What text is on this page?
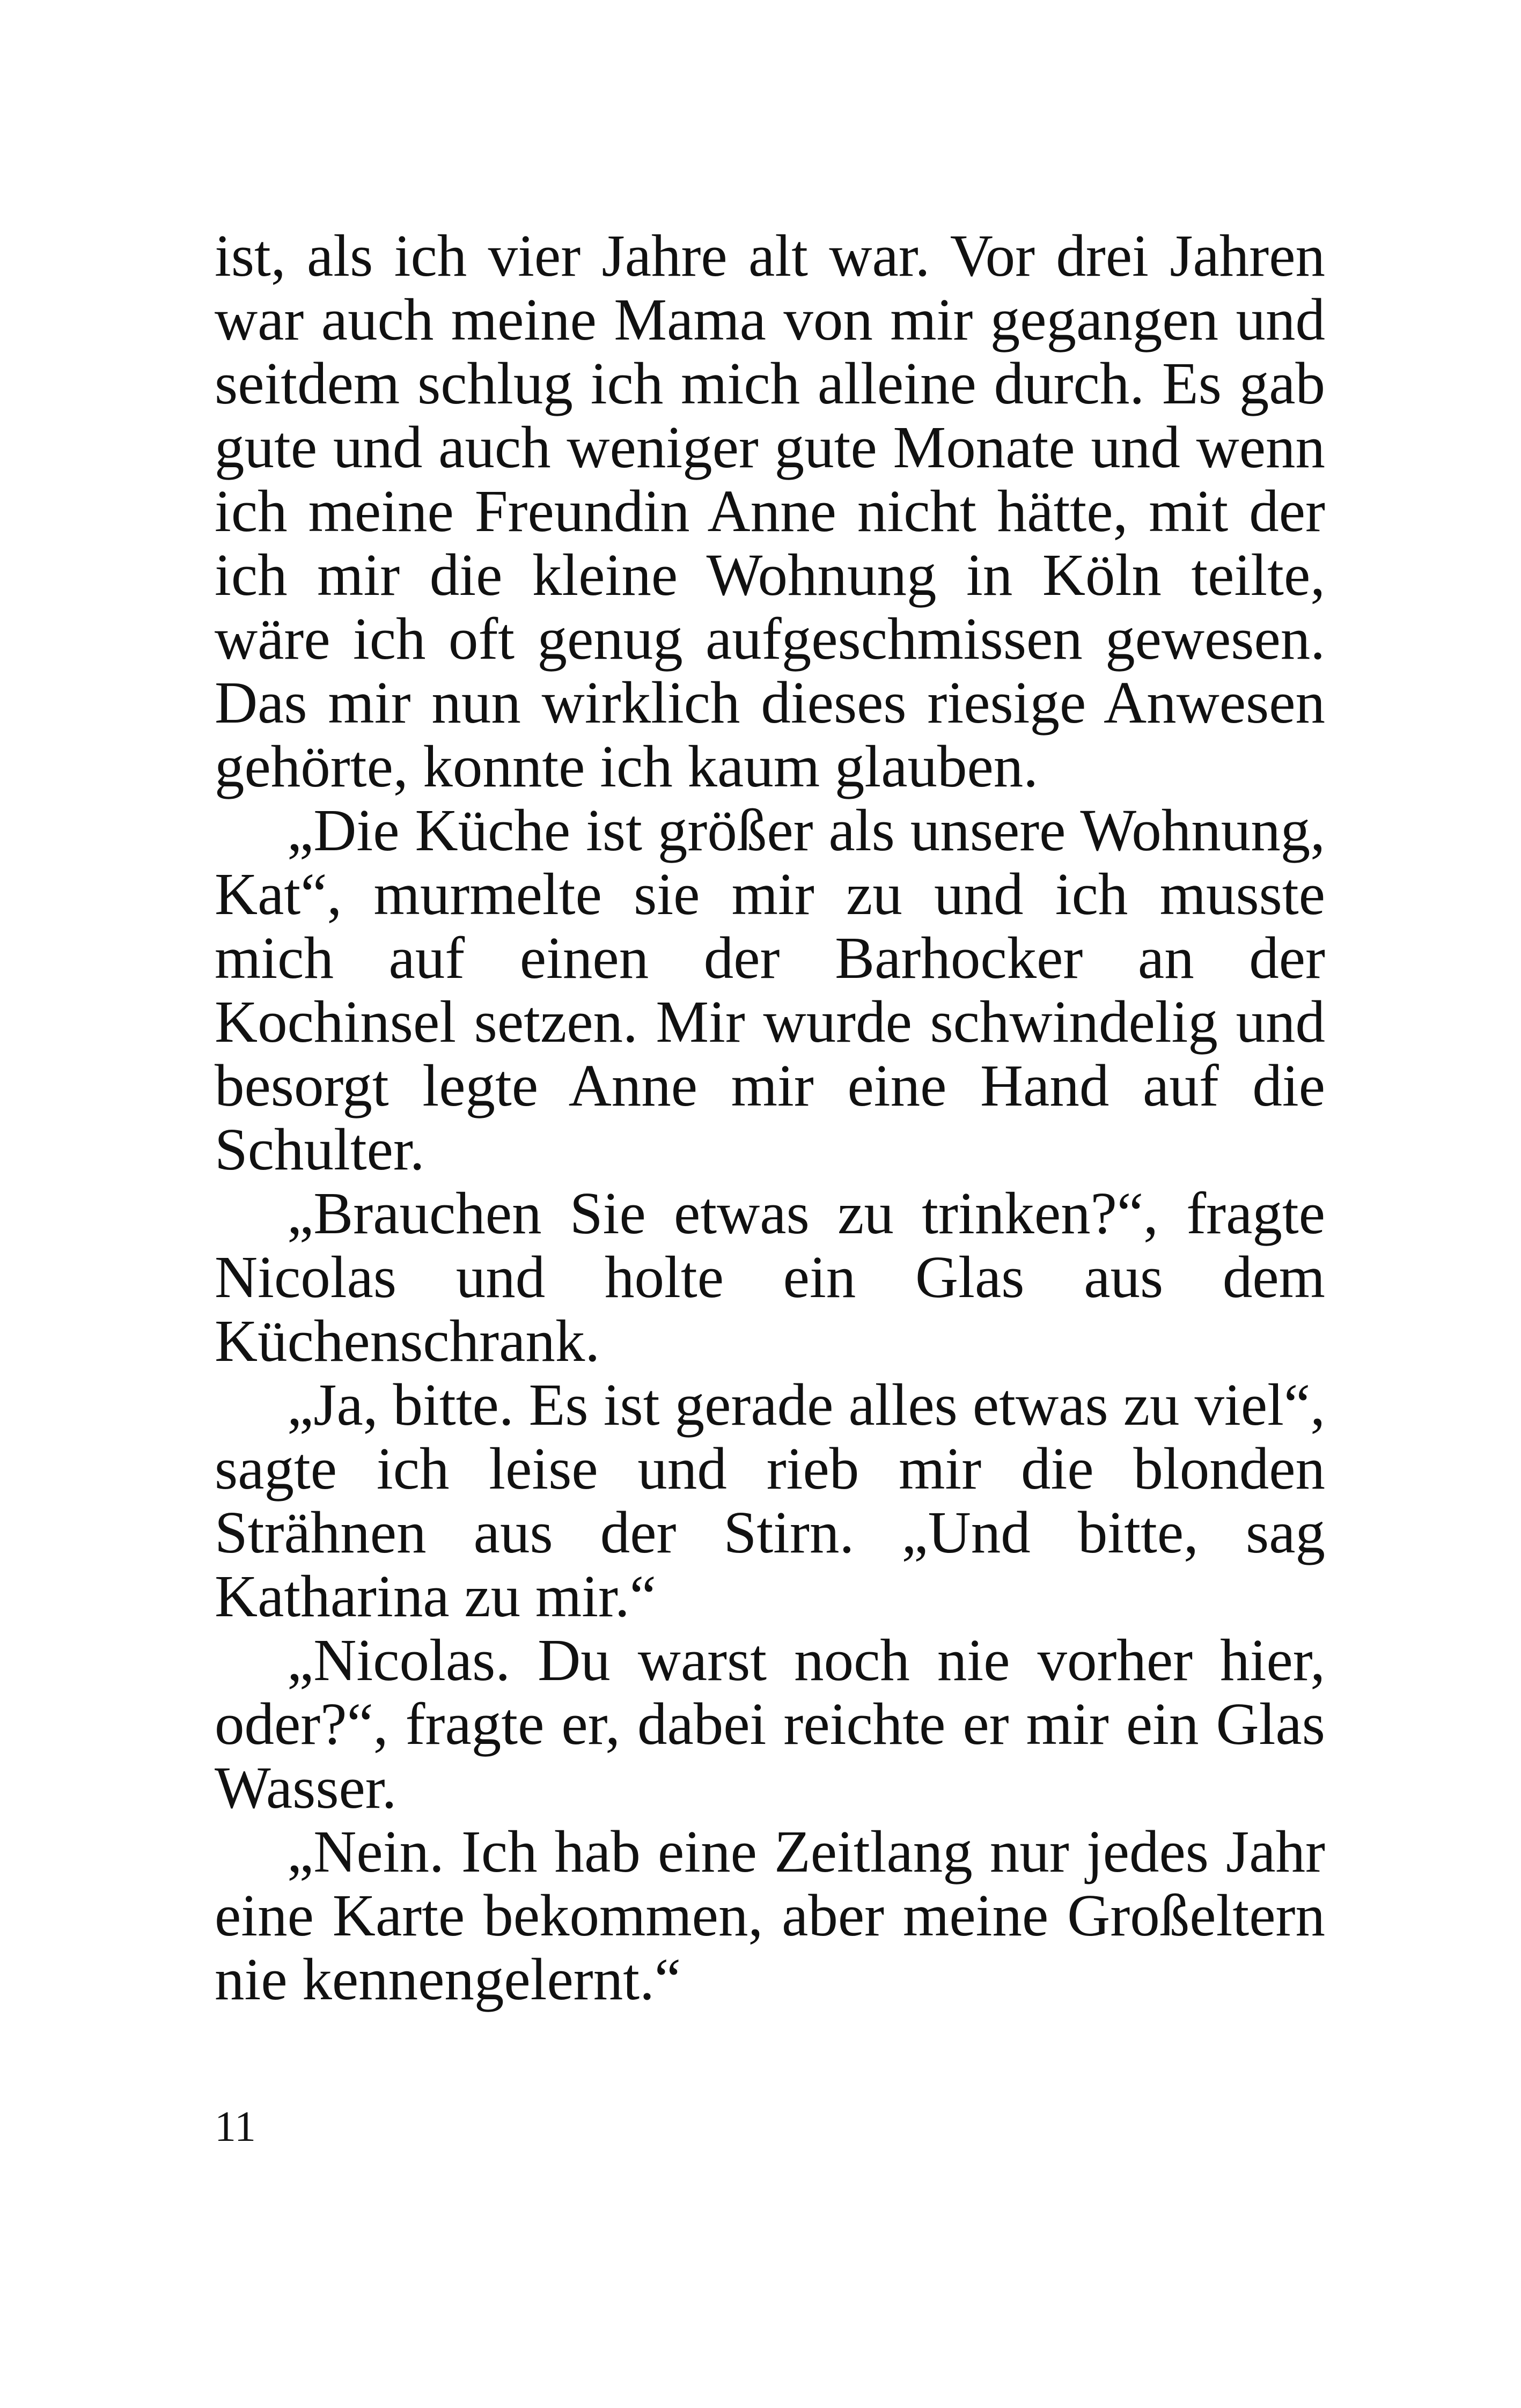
ist, als ich vier Jahre alt war. Vor drei Jahren war auch meine Mama von mir gegangen und seitdem schlug ich mich alleine durch. Es gab gute und auch weniger gute Monate und wenn ich meine Freundin Anne nicht hätte, mit der ich mir die kleine Wohnung in Köln teilte, wäre ich oft genug aufgeschmissen gewesen. Das mir nun wirklich dieses riesige Anwesen gehörte, konnte ich kaum glauben.

„Die Küche ist größer als unsere Wohnung, Kat“, murmelte sie mir zu und ich musste mich auf einen der Barhocker an der Kochinsel setzen. Mir wurde schwindelig und besorgt legte Anne mir eine Hand auf die Schulter.

„Brauchen Sie etwas zu trinken?“, fragte Nicolas und holte ein Glas aus dem Küchenschrank.

„Ja, bitte. Es ist gerade alles etwas zu viel“, sagte ich leise und rieb mir die blonden Strähnen aus der Stirn. „Und bitte, sag Katharina zu mir.“

„Nicolas. Du warst noch nie vorher hier, oder?“, fragte er, dabei reichte er mir ein Glas Wasser.

„Nein. Ich hab eine Zeitlang nur jedes Jahr eine Karte bekommen, aber meine Großeltern nie kennengelernt.“

11
